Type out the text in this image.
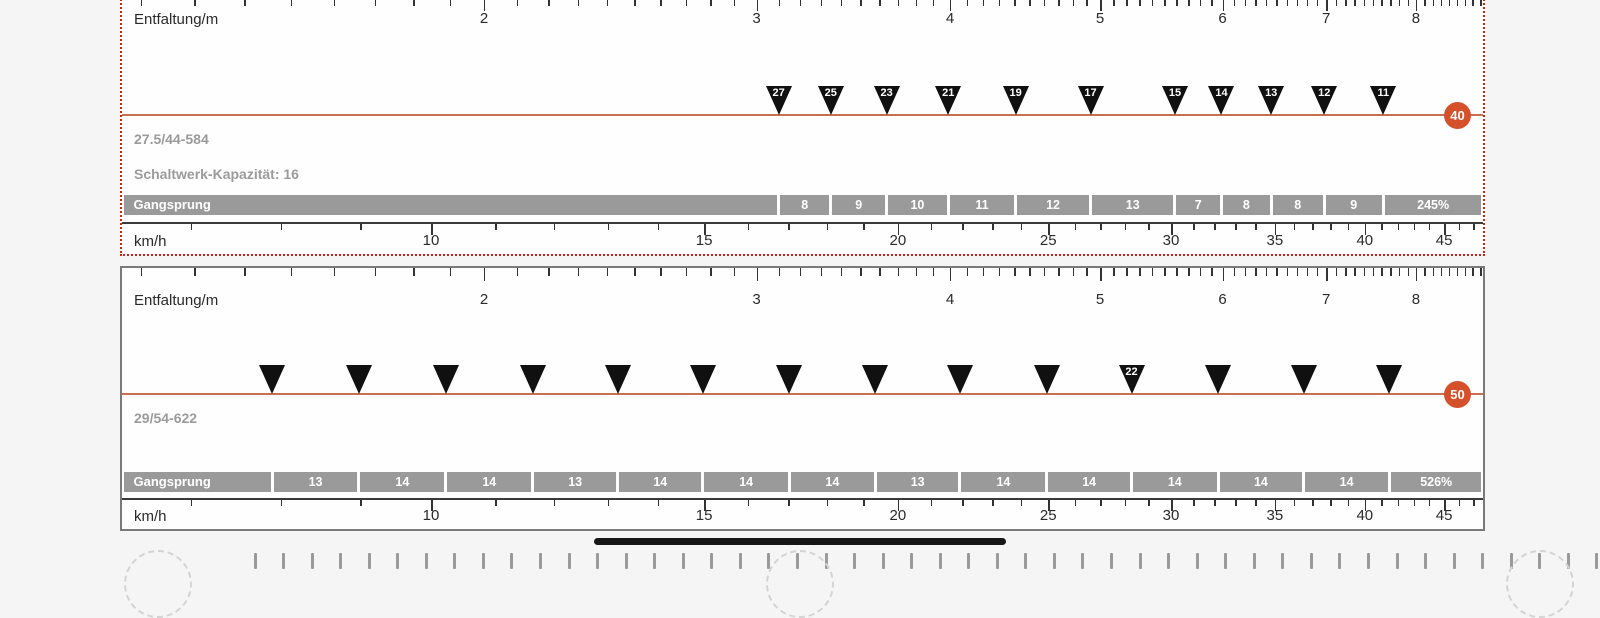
Entfaltung/m
27.5/44-584
Schaltwerk-Kapazität: 16
40
km/h
2	3	4	5	6	7	8
27	25	23	21	19	17	15	14	13	12	11
Gangsprung	8	9	10	11	12	13	7	8	8	9	245%
10	15	20	25	30	35	40	45
Entfaltung/m
29/54-622
50
km/h
2	3	4	5	6	7	8
22
Gangsprung	13	14	14	13	14	14	14	13	14	14	14	14	14	526%
10	15	20	25	30	35	40	45
